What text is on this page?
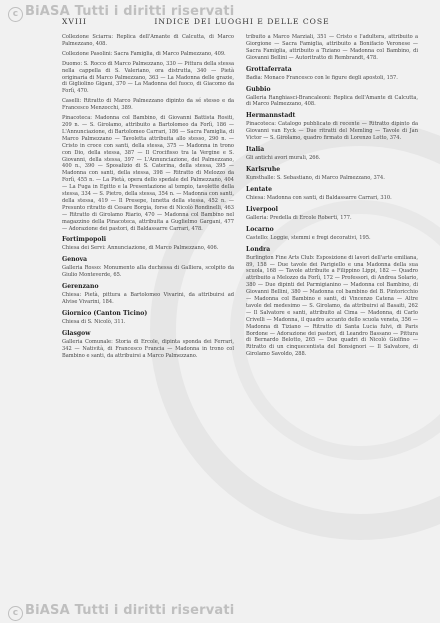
c BiASA Tutti i diritti riservati
XVIII	INDICE DEI LUOGHI E DELLE COSE
Collezione Sciarra: Replica dell'Amante di Calcutta, di Marco Palmezzano, 408.
Collezione Pasolini: Sacra Famiglia, di Marco Palmezzano, 409.
Duomo: S. Rocco di Marco Palmezzano, 330 — Pittura della stessa nella cappella di S. Valeriano, ora distrutta, 340 — Pietà originaria di Marco Palmezzano, 363 — La Madonna delle grazie, di Gigliolino Gigani, 370 — La Madonna del fuoco, di Giacomo da Forlì, 470.
Caselli: Ritratto di Marco Palmezzano dipinto da sé stesso e da Francesco Menzocchi, 389.
Pinacoteca: Madonna col Bambino, di Giovanni Battista Rositi, 209 n. — S. Girolamo, attribuito a Bartolomeo da Forlì, 186 — L'Annunciazione, di Bartolomeo Carrari, 186 — Sacra Famiglia, di Marco Palmezzano — Tavoletta attribuita allo stesso, 290 n. — Cristo in croce con santi, della stessa, 375 — Madonna in trono con Dio, della stessa, 387 — Il Crocifisso tra la Vergine e S. Giovanni, della stessa, 397 — L'Annunciazione, del Palmezzano, 400 n., 390 — Sposalizio di S. Caterina, della stessa, 395 — Madonna con santi, della stessa, 398 — Ritratto di Melozzo da Forlì, 455 n. — La Pietà, opera dello spedale del Palmezzano, 404 — La Fuga in Egitto e la Presentazione al tempio, tavolette della stessa, 334 — S. Pietro, della stessa, 354 n. — Madonna con santi, della stessa, 419 — Il Presepe, lunetta della stessa, 452 n. — Presunto ritratto di Cesare Borgia, forse di Nicolò Rondinelli, 463 — Ritratto di Girolamo Riario, 470 — Madonna col Bambino nel magazzino della Pinacoteca, attribuita a Guglielmo Gargani, 477 — Adorazione dei pastori, di Baldassarre Carrari, 478.
Fortimpopoli
Chiesa dei Servi: Annunciazione, di Marco Palmezzano, 406.
Genova
Galleria Rosso: Monumento alla duchessa di Galliera, scolpito da Giulio Monteverde, 65.
Gerenzano
Chiesa: Pietà, pittura a Bartolomeo Vivarini, da attribuirsi ad Alvise Vivarini, 184.
Giornico (Canton Ticino)
Chiesa di S. Nicolò, 311.
Glasgow
Galleria Comunale: Storia di Ercole, dipinta sponda dei Ferrari, 342 — Natività, di Francesco Francia — Madonna in trono col Bambino e santi, da attribuirsi a Marco Palmezzano.
tribuito a Marco Marziali, 351 — Cristo e l'adultera, attribuito a Giorgione — Sacra Famiglia, attribuito a Bonifacio Veronese — Sacra Famiglia, attribuito a Tiziano — Madonna col Bambino, di Giovanni Bellini — Autoritratto di Rembrandt, 478.
Grottaferrata
Badia: Monaco Francesco con le figure degli apostoli, 157.
Gubbio
Galleria Ranghiasci-Brancaleoni: Replica dell'Amante di Calcutta, di Marco Palmezzano, 408.
Hermannstadt
Pinacoteca: Catalogo pubblicato di recente — Ritratto dipinto da Giovanni van Eyck — Due ritratti del Memling — Tavole di Jan Victor — S. Girolamo, quadro firmato di Lorenzo Lotto, 374.
Italia
Gli antichi avori murali, 266.
Karlsruhe
Kunsthalle: S. Sebastiano, di Marco Palmezzano, 374.
Lentate
Chiesa: Madonna con santi, di Baldassarre Carrari, 310.
Liverpool
Galleria: Predella di Ercole Roberti, 177.
Locarno
Castello: Loggie, stemmi e fregi decorativi, 195.
Londra
Burlington Fine Arts Club: Esposizione di lavori dell'arte emiliana, 89, 158 — Due tavole dei Parigiello e una Madonna della sua scuola, 168 — Tavole attribuite a Filippino Lippi, 182 — Quadro attribuito a Melozzo da Forlì, 172 — Professori, di Andrea Solario, 380 — Due dipinti del Parmigianino — Madonna col Bambino, di Giovanni Bellini, 380 — Madonna col bambino del B. Pintoricchio — Madonna col Bambino e santi, di Vincenzo Catena — Altre tavole del medesimo — S. Girolamo, da attribuirsi al Basaiti, 262 — Il Salvatore e santi, attribuito al Cima — Madonna, di Carlo Crivelli — Madonna, il quadro accanto dello scuola veneta, 356 — Madonna di Tiziano — Ritratto di Santa Lucia fulvi, di Paris Bordone — Adorazione dei pastori, di Leandro Bassano — Pittura di Bernardo Belotto, 265 — Due quadri di Nicolò Giolfino — Ritratto di un cinquecentista del Bonsignori — Il Salvatore, di Girolamo Savoldo, 288.
c BiASA Tutti i diritti riservati
